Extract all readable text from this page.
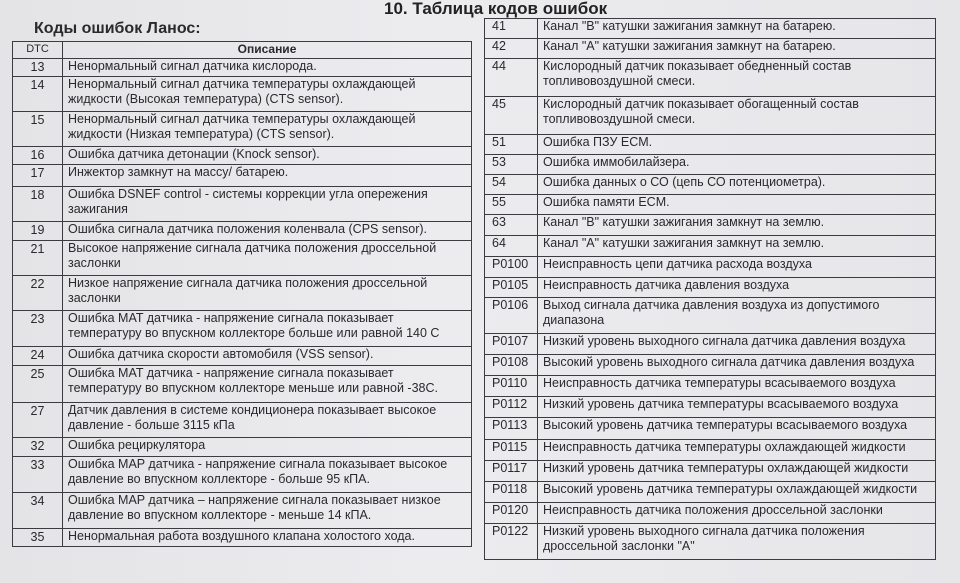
10. Таблица кодов ошибок
Коды ошибок Ланос:
DTC	Описание
13	Ненормальный сигнал датчика кислорода.
14	Ненормальный сигнал датчика температуры охлаждающей жидкости (Высокая температура) (CTS sensor).
15	Ненормальный сигнал датчика температуры охлаждающей жидкости (Низкая температура) (CTS sensor).
16	Ошибка датчика детонации (Knock sensor).
17	Инжектор замкнут на массу/ батарею.
18	Ошибка DSNEF control - системы коррекции угла опережения зажигания
19	Ошибка сигнала датчика положения коленвала (CPS sensor).
21	Высокое напряжение сигнала датчика положения дроссельной заслонки
22	Низкое напряжение сигнала датчика положения дроссельной заслонки
23	Ошибка MAT датчика - напряжение сигнала показывает температуру во впускном коллекторе больше или равной 140 С
24	Ошибка датчика скорости автомобиля (VSS sensor).
25	Ошибка MAT датчика - напряжение сигнала показывает температуру во впускном коллекторе меньше или равной -38С.
27	Датчик давления в системе кондиционера показывает высокое давление - больше 3115 кПа
32	Ошибка рециркулятора
33	Ошибка MAP датчика - напряжение сигнала показывает высокое давление во впускном коллекторе - больше 95 кПА.
34	Ошибка MAP датчика – напряжение сигнала показывает низкое давление во впускном коллекторе - меньше 14 кПА.
35	Ненормальная работа воздушного клапана холостого хода.
41	Канал "В" катушки зажигания замкнут на батарею.
42	Канал "А" катушки зажигания замкнут на батарею.
44	Кислородный датчик показывает обедненный состав топливовоздушной смеси.
45	Кислородный датчик показывает обогащенный состав топливовоздушной смеси.
51	Ошибка ПЗУ ECM.
53	Ошибка иммобилайзера.
54	Ошибка данных о СО (цепь СО потенциометра).
55	Ошибка памяти ECM.
63	Канал "В" катушки зажигания замкнут на землю.
64	Канал "А" катушки зажигания замкнут на землю.
P0100	Неисправность цепи датчика расхода воздуха
P0105	Неисправность датчика давления воздуха
P0106	Выход сигнала датчика давления воздуха из допустимого диапазона
P0107	Низкий уровень выходного сигнала датчика давления воздуха
P0108	Высокий уровень выходного сигнала датчика давления воздуха
P0110	Неисправность датчика температуры всасываемого воздуха
P0112	Низкий уровень датчика температуры всасываемого воздуха
P0113	Высокий уровень датчика температуры всасываемого воздуха
P0115	Неисправность датчика температуры охлаждающей жидкости
P0117	Низкий уровень датчика температуры охлаждающей жидкости
P0118	Высокий уровень датчика температуры охлаждающей жидкости
P0120	Неисправность датчика положения дроссельной заслонки
P0122	Низкий уровень выходного сигнала датчика положения дроссельной заслонки "А"
